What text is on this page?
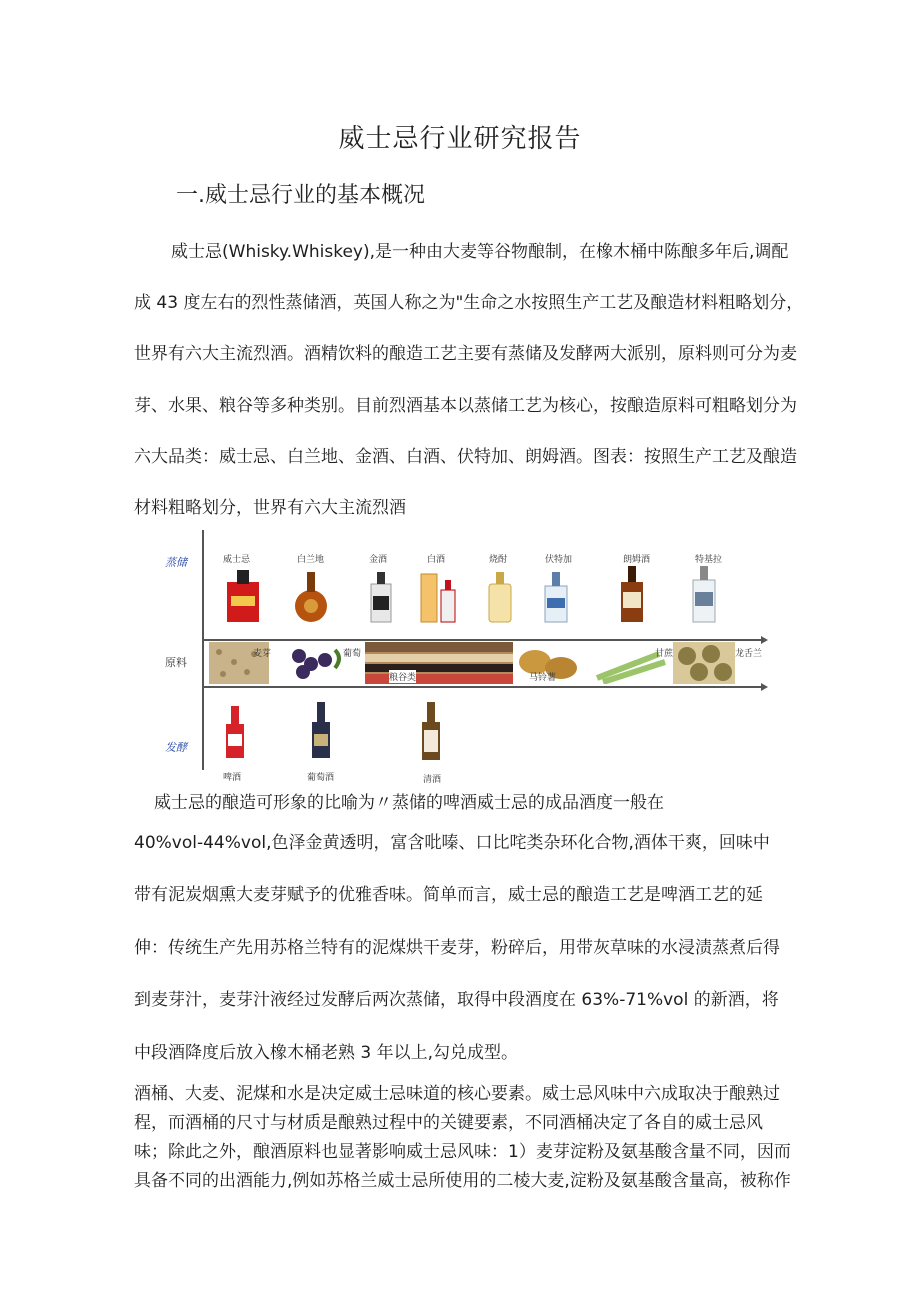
威士忌行业研究报告
一.威士忌行业的基本概况

威士忌(Whisky.Whiskey),是一种由大麦等谷物酿制，在橡木桶中陈酿多年后,调配
成 43 度左右的烈性蒸储酒，英国人称之为"生命之水按照生产工艺及酿造材料粗略划分，
世界有六大主流烈酒。酒精饮料的酿造工艺主要有蒸储及发酵两大派别，原料则可分为麦
芽、水果、粮谷等多种类别。目前烈酒基本以蒸储工艺为核心，按酿造原料可粗略划分为
六大品类：威士忌、白兰地、金酒、白酒、伏特加、朗姆酒。图表：按照生产工艺及酿造
材料粗略划分，世界有六大主流烈酒

蒸储
原料
发酵
威士忌	白兰地	金酒	白酒	烧酎	伏特加	朗姆酒	特基拉
麦芽	葡萄
粮谷类	马铃薯
甘蔗	龙舌兰
啤酒	葡萄酒	清酒

威士忌的酿造可形象的比喻为〃蒸储的啤酒威士忌的成品酒度一般在

40%vol-44%vol,色泽金黄透明，富含吡嗪、口比咤类杂环化合物,酒体干爽，回味中
带有泥炭烟熏大麦芽赋予的优雅香味。简单而言，威士忌的酿造工艺是啤酒工艺的延
伸：传统生产先用苏格兰特有的泥煤烘干麦芽，粉碎后，用带灰草味的水浸渍蒸煮后得
到麦芽汁，麦芽汁液经过发酵后两次蒸储，取得中段酒度在 63%-71%vol 的新酒，将
中段酒降度后放入橡木桶老熟 3 年以上,勾兑成型。

酒桶、大麦、泥煤和水是决定威士忌味道的核心要素。威士忌风味中六成取决于酿熟过
程，而酒桶的尺寸与材质是酿熟过程中的关键要素，不同酒桶决定了各自的威士忌风
味；除此之外，酿酒原料也显著影响威士忌风味：1）麦芽淀粉及氨基酸含量不同，因而
具备不同的出酒能力,例如苏格兰威士忌所使用的二棱大麦,淀粉及氨基酸含量高，被称作
